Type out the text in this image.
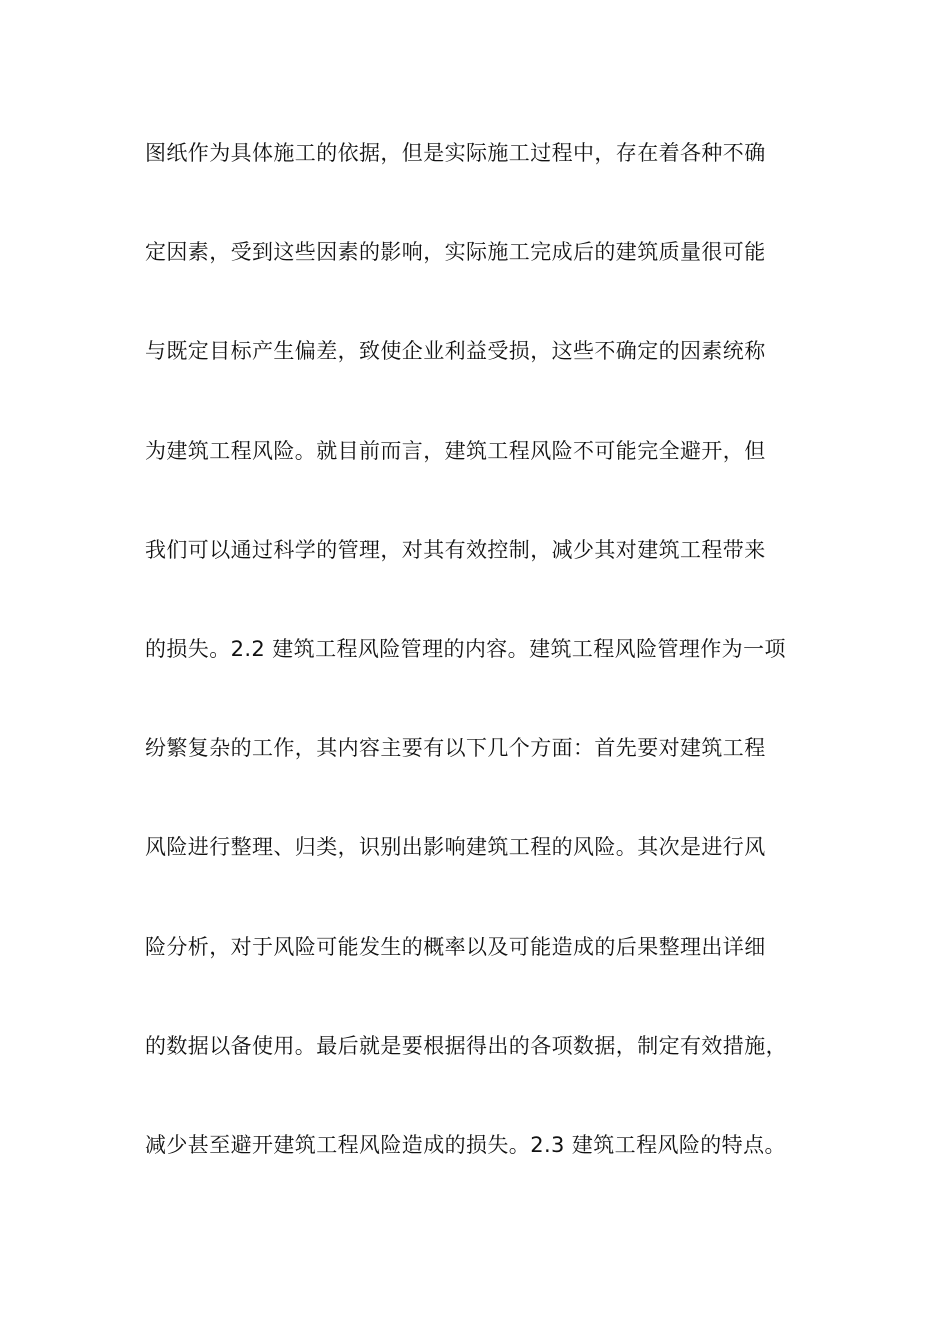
图纸作为具体施工的依据，但是实际施工过程中，存在着各种不确
定因素，受到这些因素的影响，实际施工完成后的建筑质量很可能
与既定目标产生偏差，致使企业利益受损，这些不确定的因素统称
为建筑工程风险。就目前而言，建筑工程风险不可能完全避开，但
我们可以通过科学的管理，对其有效控制，减少其对建筑工程带来
的损失。2.2 建筑工程风险管理的内容。建筑工程风险管理作为一项
纷繁复杂的工作，其内容主要有以下几个方面：首先要对建筑工程
风险进行整理、归类，识别出影响建筑工程的风险。其次是进行风
险分析，对于风险可能发生的概率以及可能造成的后果整理出详细
的数据以备使用。最后就是要根据得出的各项数据，制定有效措施，
减少甚至避开建筑工程风险造成的损失。2.3 建筑工程风险的特点。
